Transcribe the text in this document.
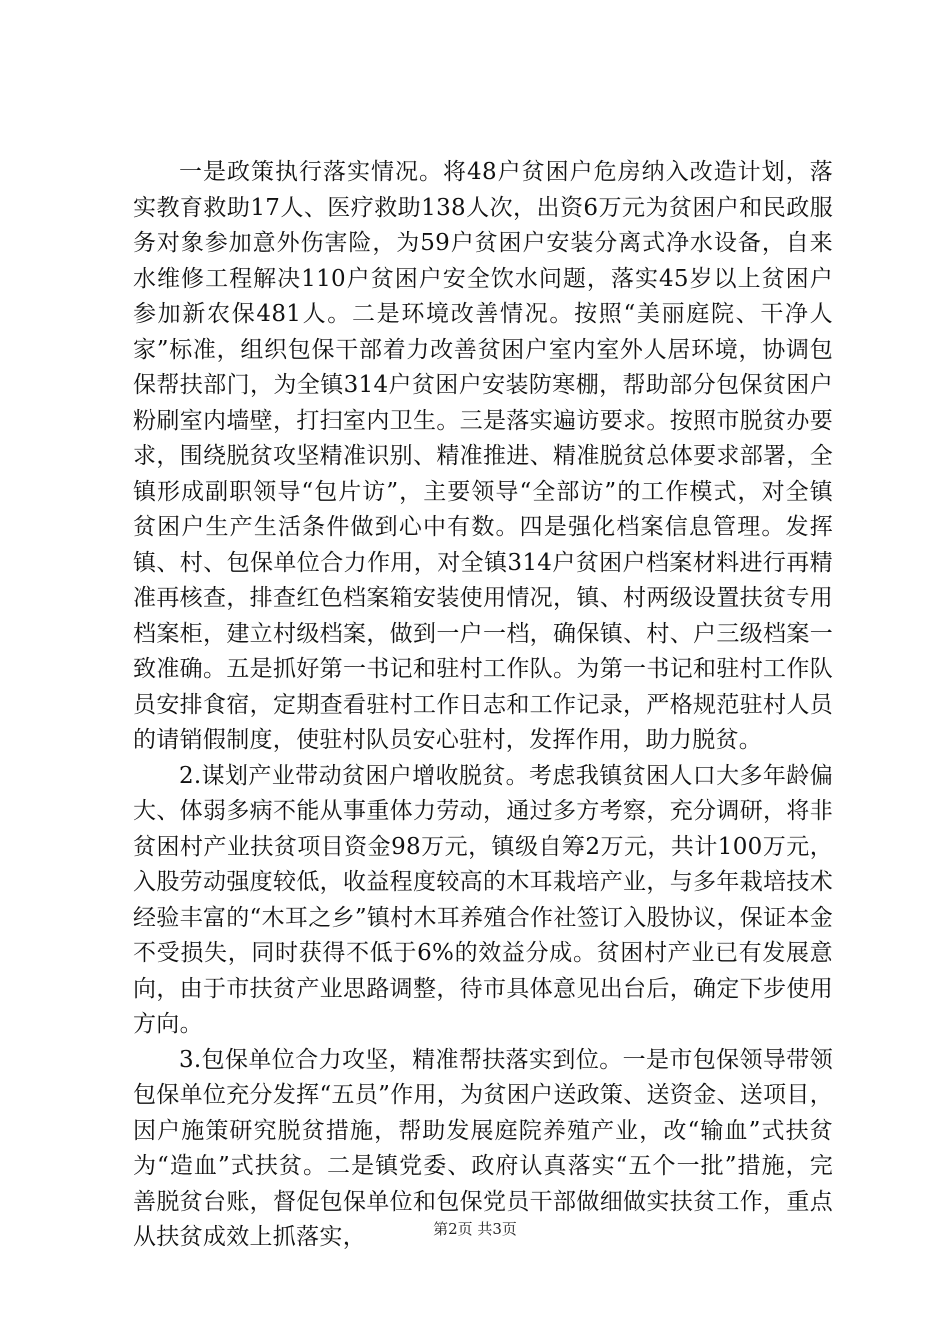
一是政策执行落实情况。将48户贫困户危房纳入改造计划，落实教育救助17人、医疗救助138人次，出资6万元为贫困户和民政服务对象参加意外伤害险，为59户贫困户安装分离式净水设备，自来水维修工程解决110户贫困户安全饮水问题，落实45岁以上贫困户参加新农保481人。二是环境改善情况。按照“美丽庭院、干净人家”标准，组织包保干部着力改善贫困户室内室外人居环境，协调包保帮扶部门，为全镇314户贫困户安装防寒棚，帮助部分包保贫困户粉刷室内墙壁，打扫室内卫生。三是落实遍访要求。按照市脱贫办要求，围绕脱贫攻坚精准识别、精准推进、精准脱贫总体要求部署，全镇形成副职领导“包片访”，主要领导“全部访”的工作模式，对全镇贫困户生产生活条件做到心中有数。四是强化档案信息管理。发挥镇、村、包保单位合力作用，对全镇314户贫困户档案材料进行再精准再核查，排查红色档案箱安装使用情况，镇、村两级设置扶贫专用档案柜，建立村级档案，做到一户一档，确保镇、村、户三级档案一致准确。五是抓好第一书记和驻村工作队。为第一书记和驻村工作队员安排食宿，定期查看驻村工作日志和工作记录，严格规范驻村人员的请销假制度，使驻村队员安心驻村，发挥作用，助力脱贫。

2.谋划产业带动贫困户增收脱贫。考虑我镇贫困人口大多年龄偏大、体弱多病不能从事重体力劳动，通过多方考察，充分调研，将非贫困村产业扶贫项目资金98万元，镇级自筹2万元，共计100万元，入股劳动强度较低，收益程度较高的木耳栽培产业，与多年栽培技术经验丰富的“木耳之乡”镇村木耳养殖合作社签订入股协议，保证本金不受损失，同时获得不低于6%的效益分成。贫困村产业已有发展意向，由于市扶贫产业思路调整，待市具体意见出台后，确定下步使用方向。

3.包保单位合力攻坚，精准帮扶落实到位。一是市包保领导带领包保单位充分发挥“五员”作用，为贫困户送政策、送资金、送项目，因户施策研究脱贫措施，帮助发展庭院养殖产业，改“输血”式扶贫为“造血”式扶贫。二是镇党委、政府认真落实“五个一批”措施，完善脱贫台账，督促包保单位和包保党员干部做细做实扶贫工作，重点从扶贫成效上抓落实，	第2页 共3页
